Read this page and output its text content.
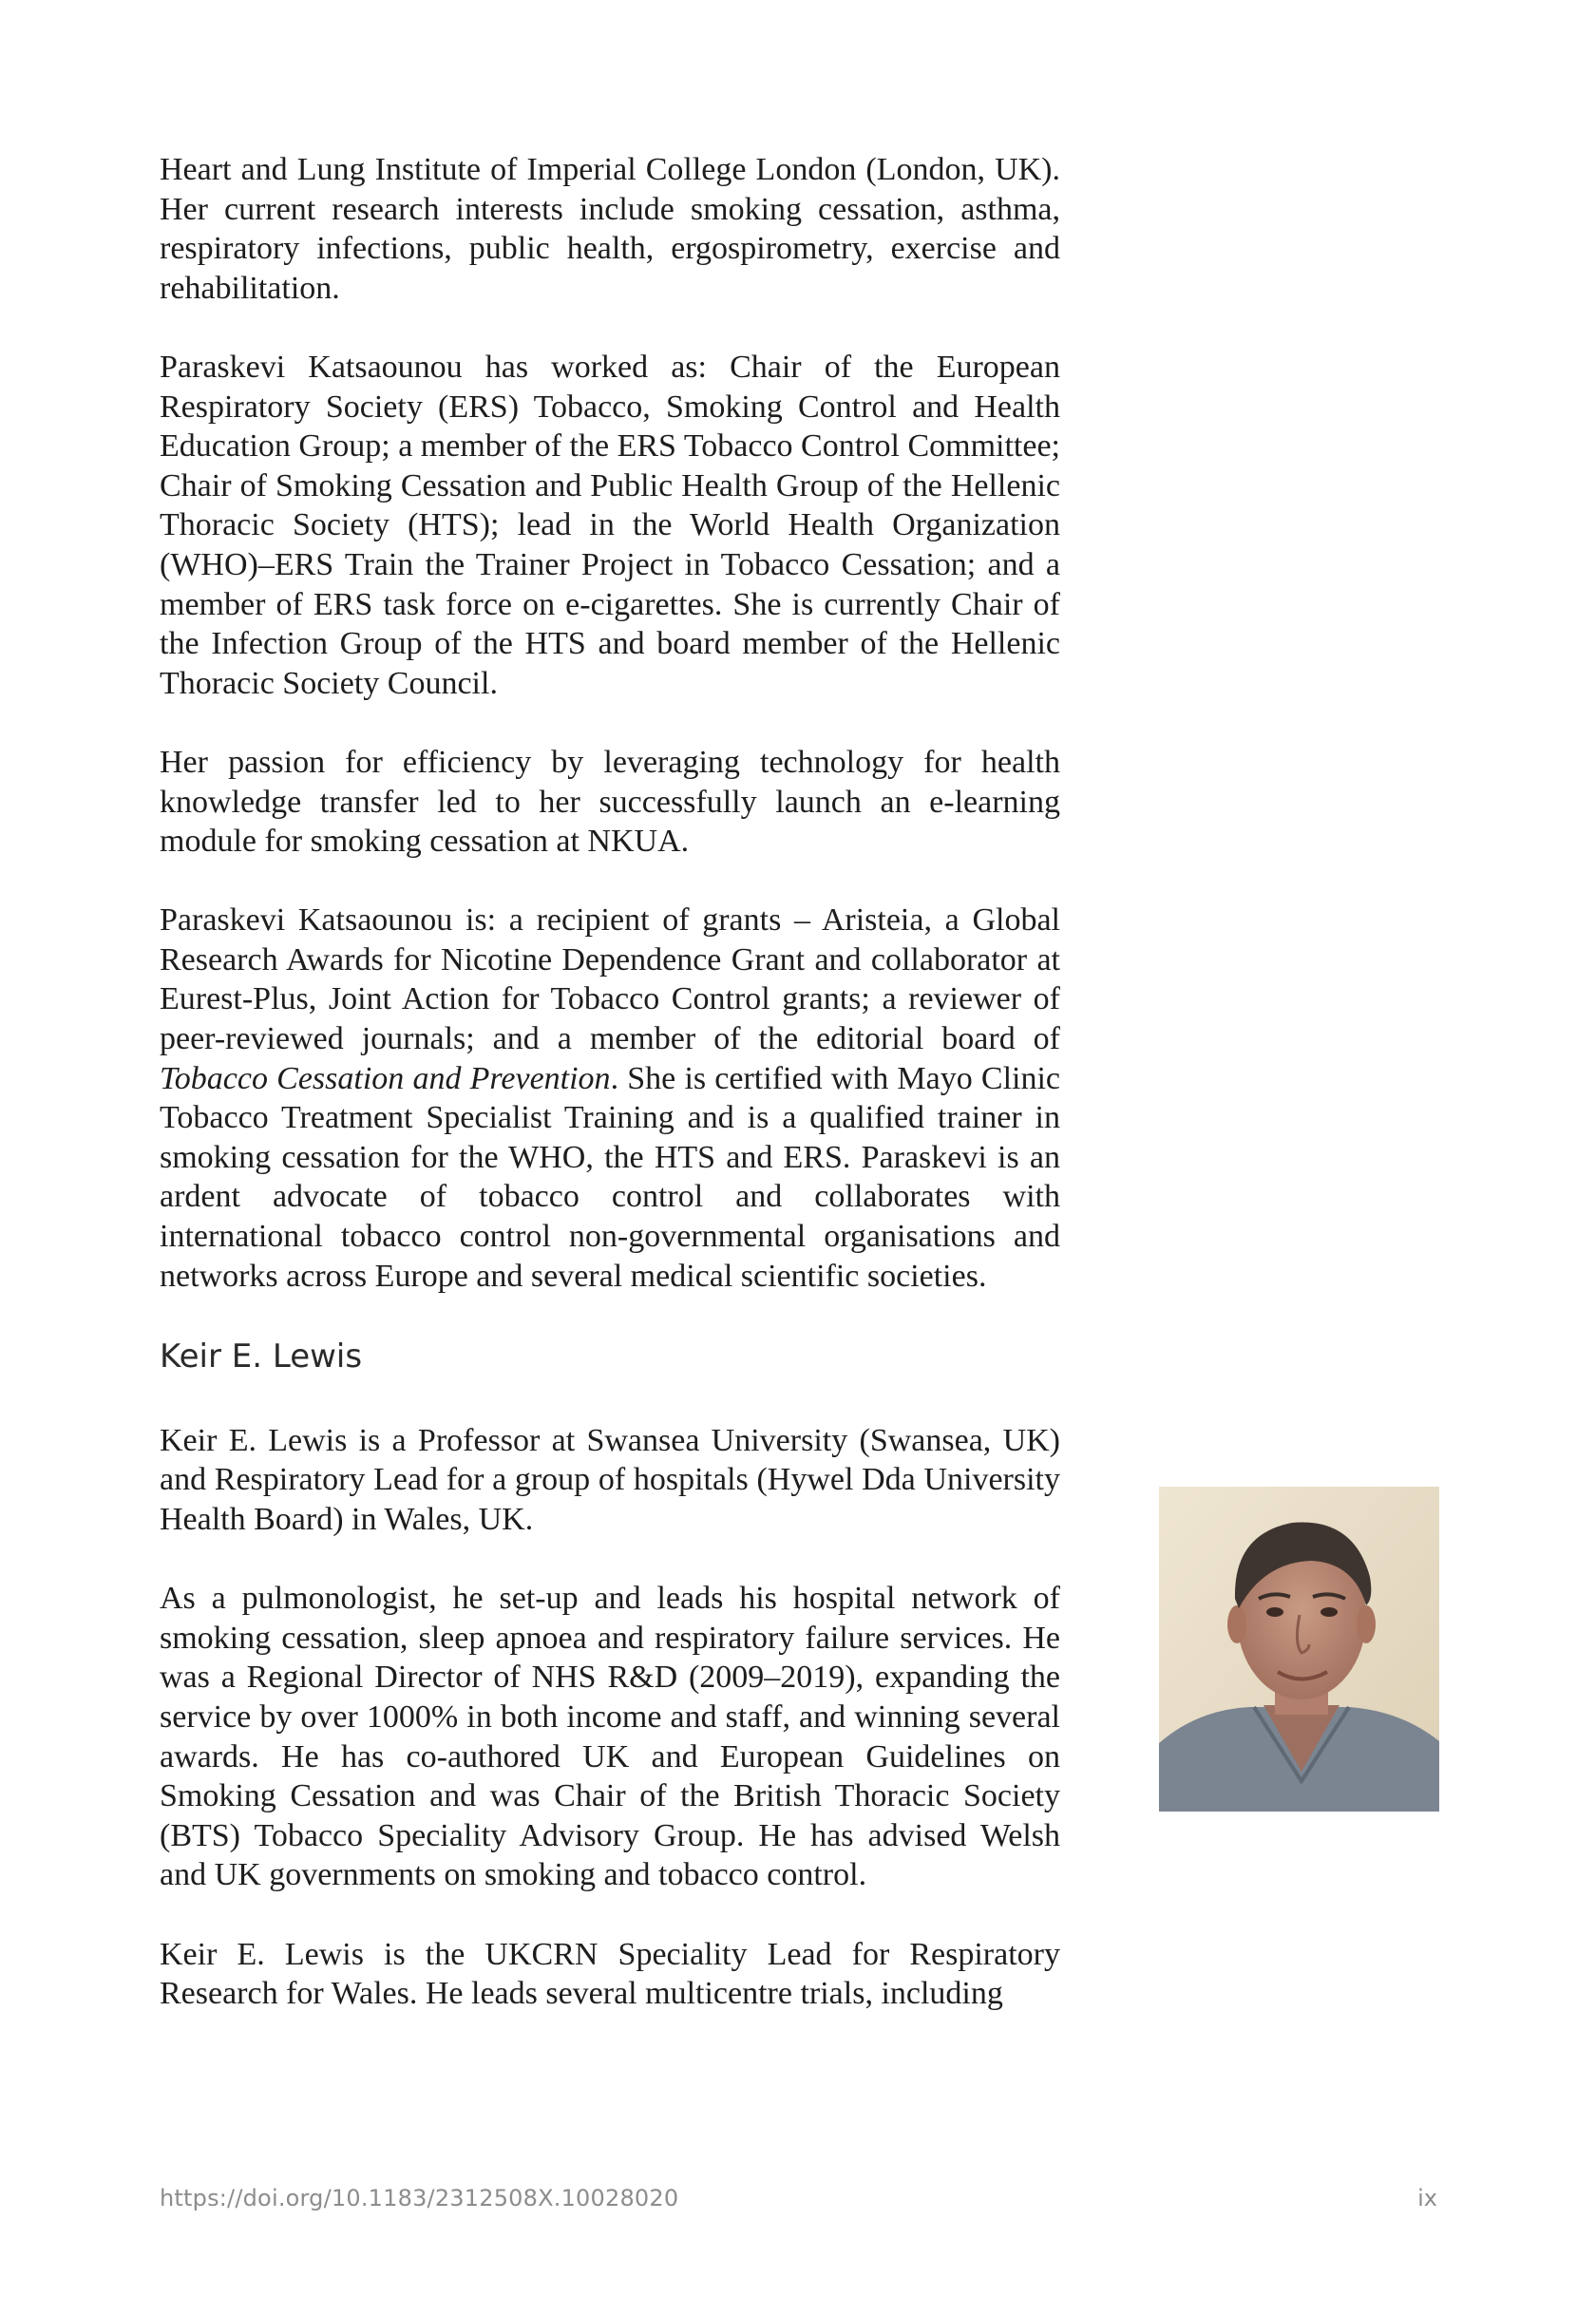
Heart and Lung Institute of Imperial College London (London, UK). Her current research interests include smoking cessation, asthma, respiratory infections, public health, ergospirometry, exercise and rehabilitation.

Paraskevi Katsaounou has worked as: Chair of the European Respiratory Society (ERS) Tobacco, Smoking Control and Health Education Group; a member of the ERS Tobacco Control Committee; Chair of Smoking Cessation and Public Health Group of the Hellenic Thoracic Society (HTS); lead in the World Health Organization (WHO)–ERS Train the Trainer Project in Tobacco Cessation; and a member of ERS task force on e-cigarettes. She is currently Chair of the Infection Group of the HTS and board member of the Hellenic Thoracic Society Council.

Her passion for efficiency by leveraging technology for health knowledge transfer led to her successfully launch an e-learning module for smoking cessation at NKUA.

Paraskevi Katsaounou is: a recipient of grants – Aristeia, a Global Research Awards for Nicotine Dependence Grant and collaborator at Eurest-Plus, Joint Action for Tobacco Control grants; a reviewer of peer-reviewed journals; and a member of the editorial board of Tobacco Cessation and Prevention. She is certified with Mayo Clinic Tobacco Treatment Specialist Training and is a qualified trainer in smoking cessation for the WHO, the HTS and ERS. Paraskevi is an ardent advocate of tobacco control and collaborates with international tobacco control non-governmental organisations and networks across Europe and several medical scientific societies.

Keir E. Lewis

Keir E. Lewis is a Professor at Swansea University (Swansea, UK) and Respiratory Lead for a group of hospitals (Hywel Dda University Health Board) in Wales, UK.

As a pulmonologist, he set-up and leads his hospital network of smoking cessation, sleep apnoea and respiratory failure services. He was a Regional Director of NHS R&D (2009–2019), expanding the service by over 1000% in both income and staff, and winning several awards. He has co-authored UK and European Guidelines on Smoking Cessation and was Chair of the British Thoracic Society (BTS) Tobacco Speciality Advisory Group. He has advised Welsh and UK governments on smoking and tobacco control.

Keir E. Lewis is the UKCRN Speciality Lead for Respiratory Research for Wales. He leads several multicentre trials, including

https://doi.org/10.1183/2312508X.10028020	ix
